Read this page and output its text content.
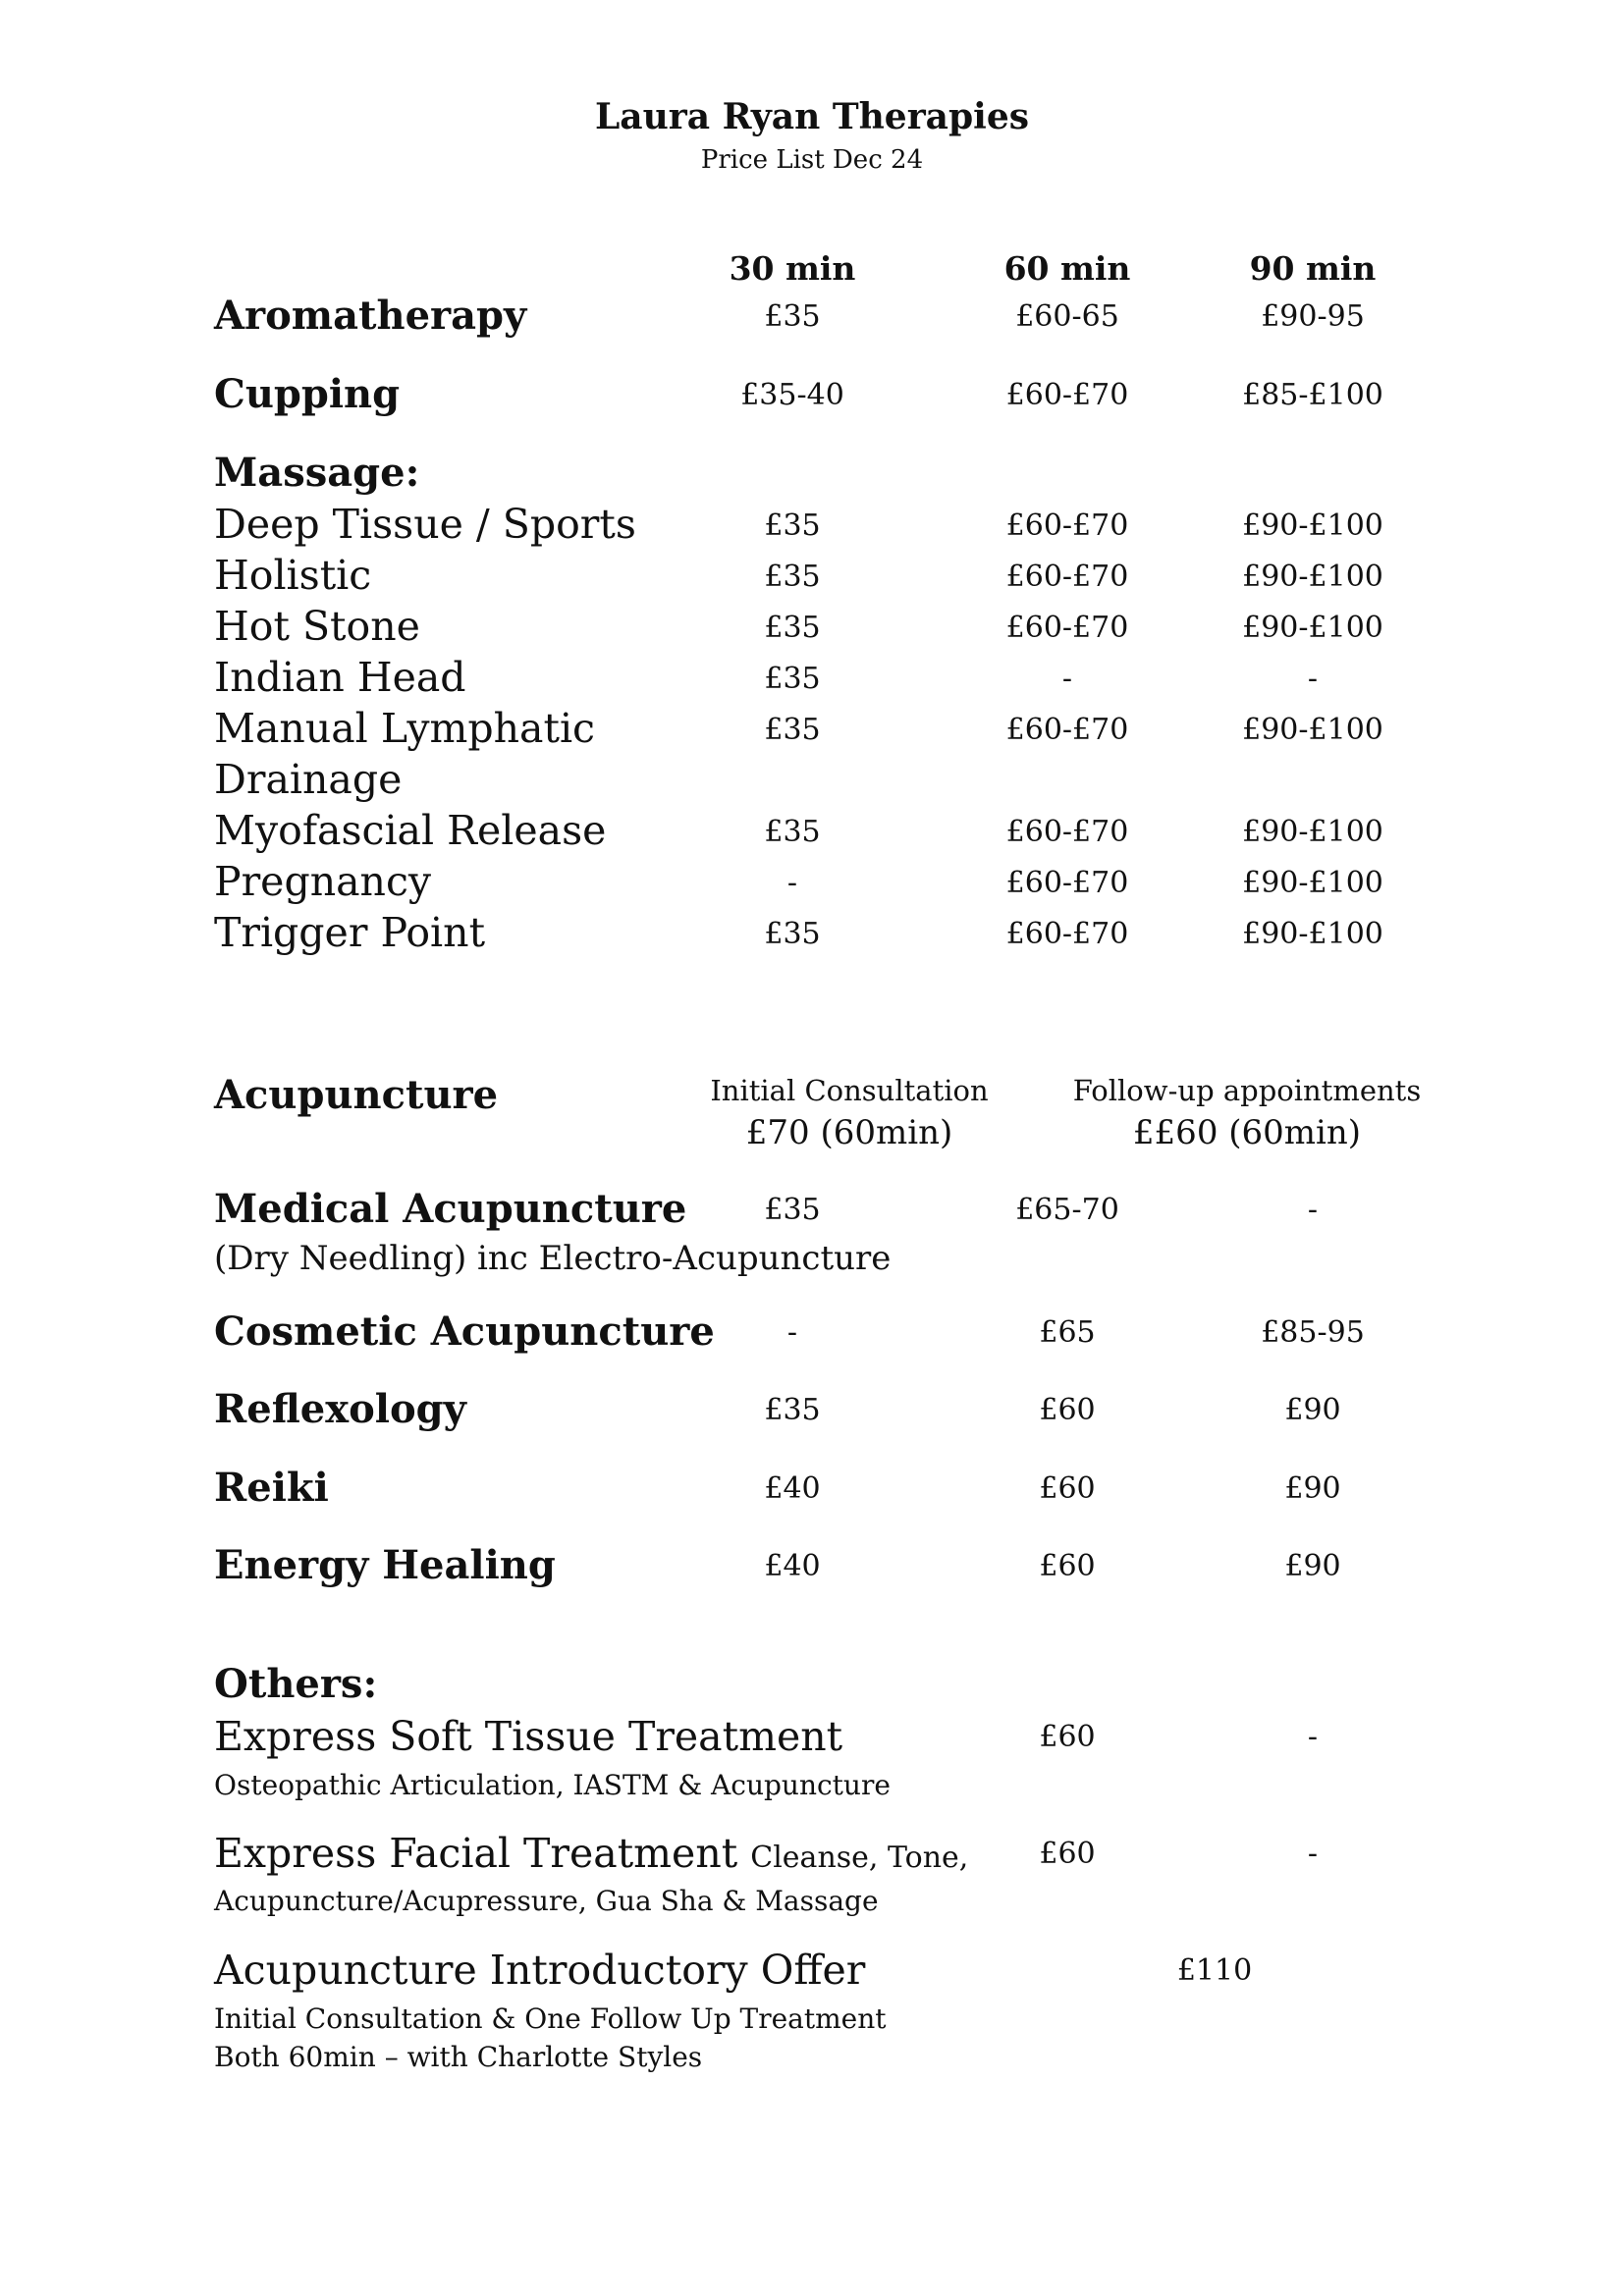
Laura Ryan Therapies
Price List Dec 24
30 min	60 min	90 min
Aromatherapy	£35	£60-65	£90-95
Cupping	£35-40	£60-£70	£85-£100
Massage:
Deep Tissue / Sports	£35	£60-£70	£90-£100
Holistic	£35	£60-£70	£90-£100
Hot Stone	£35	£60-£70	£90-£100
Indian Head	£35	-	-
Manual Lymphatic	£35	£60-£70	£90-£100
Drainage
Myofascial Release	£35	£60-£70	£90-£100
Pregnancy	-	£60-£70	£90-£100
Trigger Point	£35	£60-£70	£90-£100
Acupuncture	Initial Consultation
£70 (60min)
Follow-up appointments
££60 (60min)
Medical Acupuncture
(Dry Needling) inc Electro-Acupuncture
£35	£65-70	-
Cosmetic Acupuncture	-	£65	£85-95
Reflexology	£35	£60	£90
Reiki	£40	£60	£90
Energy Healing	£40	£60	£90
Others:
Express Soft Tissue Treatment
Osteopathic Articulation, IASTM & Acupuncture
£60	-
Express Facial Treatment Cleanse, Tone,
Acupuncture/Acupressure, Gua Sha & Massage
£60	-
Acupuncture Introductory Offer
Initial Consultation & One Follow Up Treatment
Both 60min – with Charlotte Styles
£110
